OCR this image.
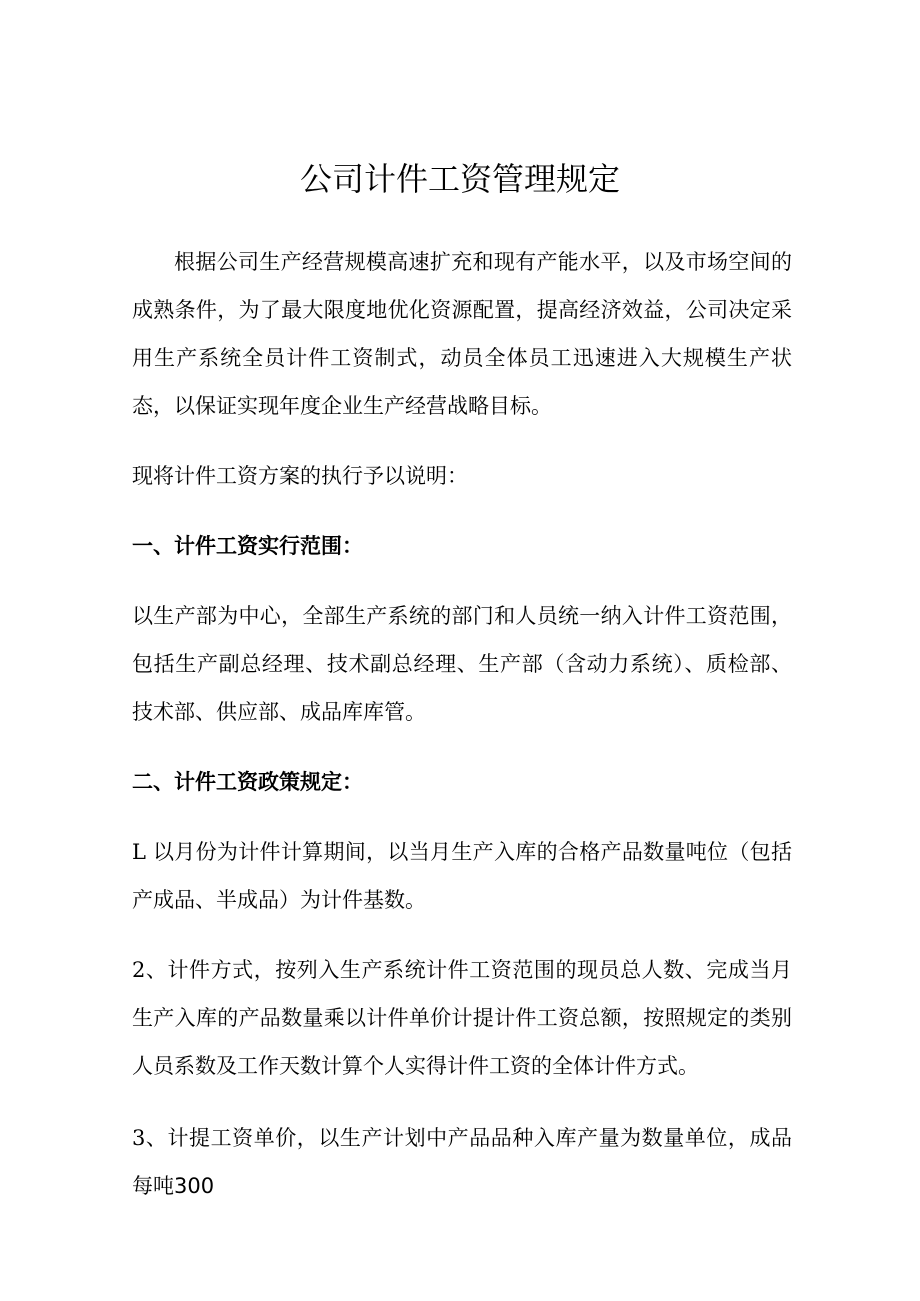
公司计件工资管理规定

根据公司生产经营规模高速扩充和现有产能水平，以及市场空间的成熟条件，为了最大限度地优化资源配置，提高经济效益，公司决定采用生产系统全员计件工资制式，动员全体员工迅速进入大规模生产状态，以保证实现年度企业生产经营战略目标。

现将计件工资方案的执行予以说明：

一、计件工资实行范围：

以生产部为中心，全部生产系统的部门和人员统一纳入计件工资范围，包括生产副总经理、技术副总经理、生产部（含动力系统）、质检部、技术部、供应部、成品库库管。

二、计件工资政策规定：

L 以月份为计件计算期间，以当月生产入库的合格产品数量吨位（包括产成品、半成品）为计件基数。

2、计件方式，按列入生产系统计件工资范围的现员总人数、完成当月生产入库的产品数量乘以计件单价计提计件工资总额，按照规定的类别人员系数及工作天数计算个人实得计件工资的全体计件方式。

3、计提工资单价，以生产计划中产品品种入库产量为数量单位，成品每吨300
